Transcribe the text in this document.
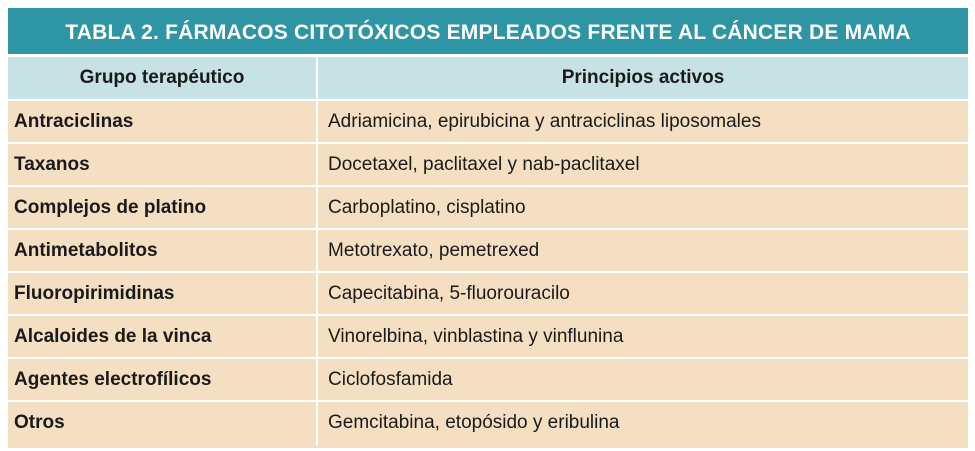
TABLA 2. FÁRMACOS CITOTÓXICOS EMPLEADOS FRENTE AL CÁNCER DE MAMA
Grupo terapéutico	Principios activos
Antraciclinas	Adriamicina, epirubicina y antraciclinas liposomales
Taxanos	Docetaxel, paclitaxel y nab-paclitaxel
Complejos de platino	Carboplatino, cisplatino
Antimetabolitos	Metotrexato, pemetrexed
Fluoropirimidinas	Capecitabina, 5-fluorouracilo
Alcaloides de la vinca	Vinorelbina, vinblastina y vinflunina
Agentes electrofílicos	Ciclofosfamida
Otros	Gemcitabina, etopósido y eribulina
